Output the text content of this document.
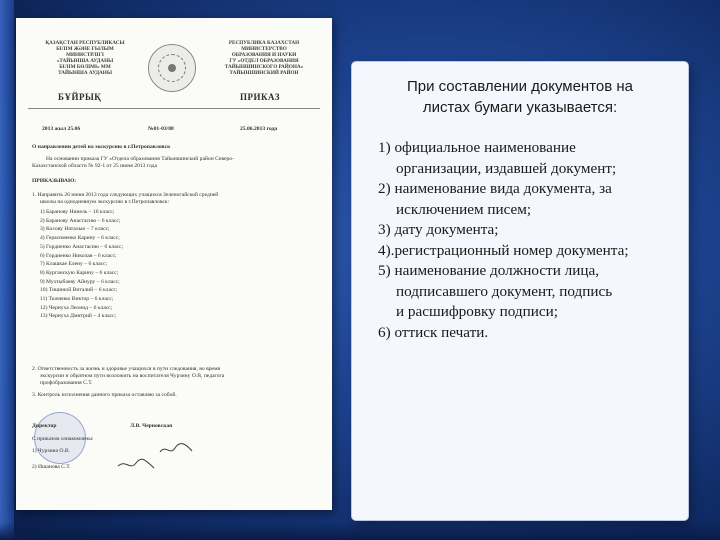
ҚАЗАҚСТАН РЕСПУБЛИКАСЫ
БІЛІМ ЖӘНЕ ҒЫЛЫМ
МИНИСТРЛІГІ
«ТАЙЫНША АУДАНЫ
БІЛІМ БӨЛІМІ» ММ
ТАЙЫНША АУДАНЫ
РЕСПУБЛИКА КАЗАХСТАН
МИНИСТЕРСТВО
ОБРАЗОВАНИЯ И НАУКИ
ГУ «ОТДЕЛ ОБРАЗОВАНИЯ
ТАЙЫНШИНСКОГО РАЙОНА»
ТАЙЫНШИНСКИЙ РАЙОН
БҰЙРЫҚ	ПРИКАЗ
2013 жыл 25.06	№01-03/88	25.06.2013 года
О направлении детей на экскурсию в г.Петропавловск
На основании приказа ГУ «Отдела образования Тайыншинский район Северо-
Казахстанской области № 92-1 от 25 июня 2013 года
ПРИКАЗЫВАЮ:
1. Направить 26 июня 2013 года следующих учащихся Зеленогайской средней
школы на однодневную экскурсию в г.Петропавловск:
1) Баранову Нинель – 10 класс;
2) Баранову Анастасию – 6 класс;
3) Косову Наталью – 7 класс;
4) Герасименко Карину – 6 класс;
5) Гордиенко Анастасию – 6 класс;
6) Гордиенко Николая – 6 класс;
7) Клашкае Елену – 6 класс;
8) Курганскую Карину – 6 класс;
9) Мухтыбаеву Айнуру – 6 класс;
10) Тишиной Виталий – 6 класс;
11) Ткаченко Виктор – 6 класс;
12) Чернуха Леонид – 6 класс;
13) Чернуха Дмитрий – 4 класс;
2. Ответственность за жизнь и здоровье учащихся в пути следования, во время
экскурсии и обратном пути возложить на воспитателя Чурзину О.В, педагога
профобразования С.Т.
3. Контроль исполнения данного приказа оставляю за собой.
Директор	Л.В. Черновская
С приказом ознакомлены:
1) Чурзина О.В.
2) Ишанова С.Т.
При составлении документов на
листах бумаги указывается:
1) официальное наименование
организации, издавшей документ;
2) наименование вида документа, за
исключением писем;
3) дату документа;
4).регистрационный номер документа;
5) наименование должности лица,
подписавшего документ, подпись
и расшифровку подписи;
6) оттиск печати.
